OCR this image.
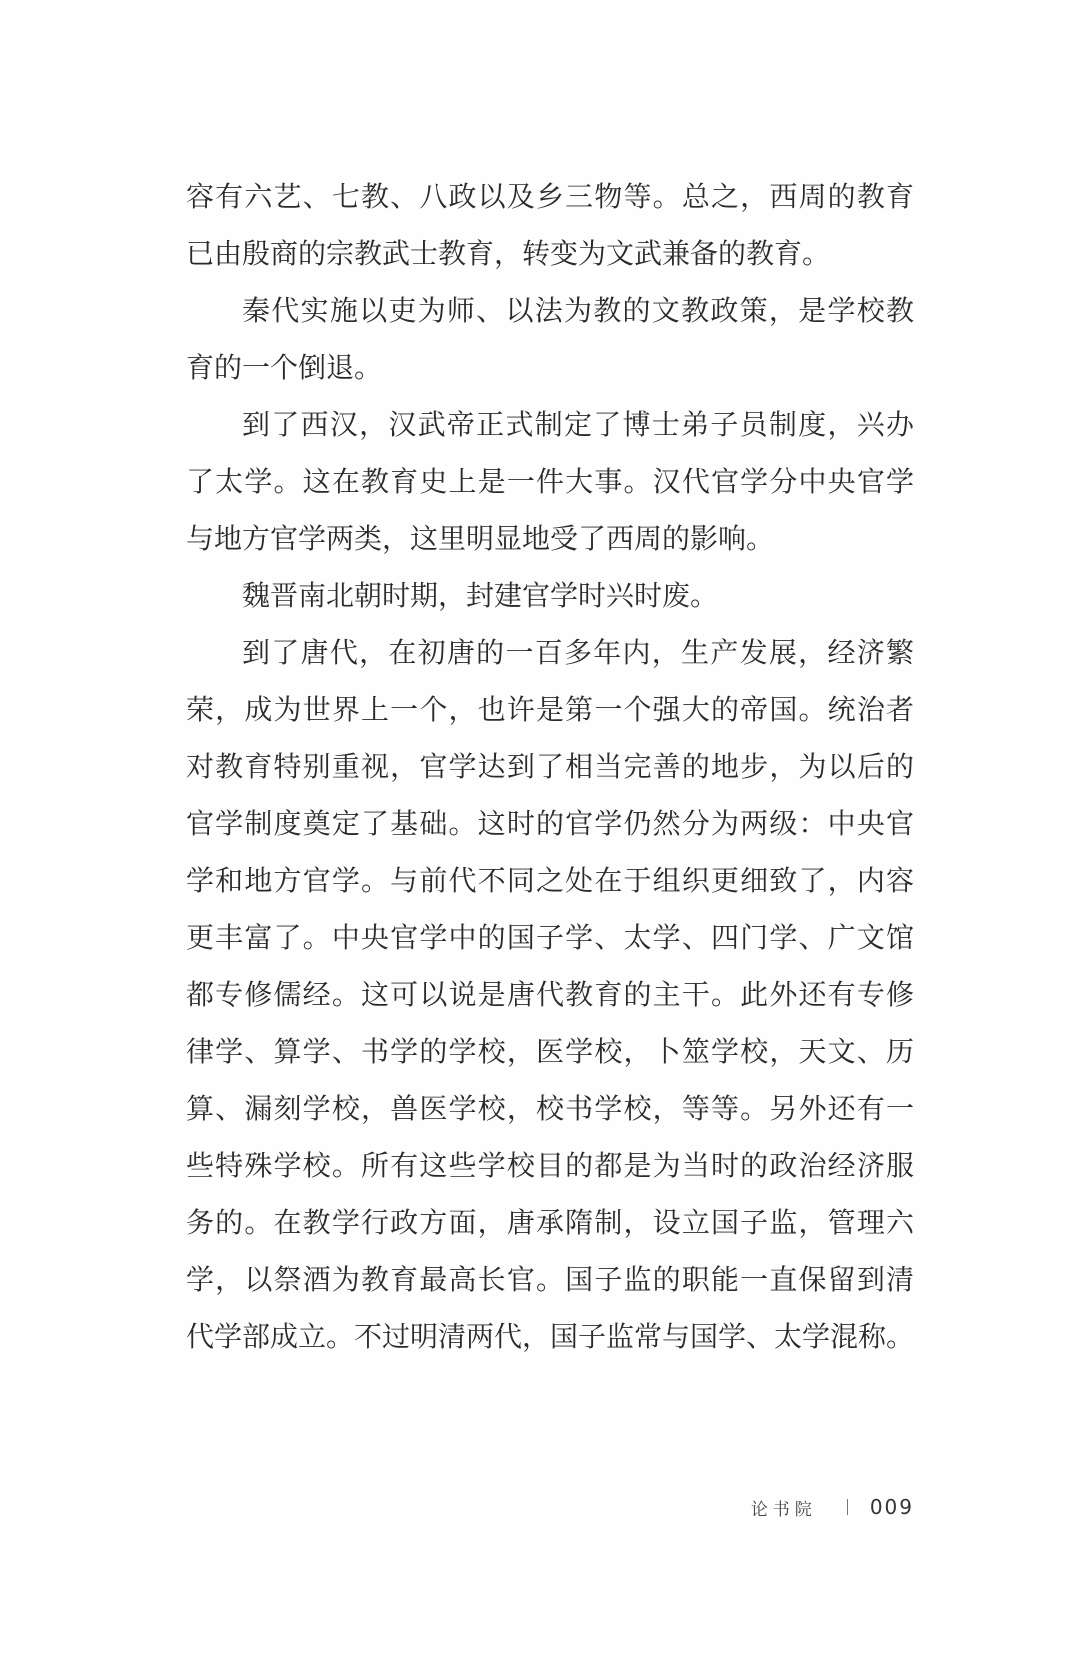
容有六艺、七教、八政以及乡三物等。总之，西周的教育
已由殷商的宗教武士教育，转变为文武兼备的教育。
秦代实施以吏为师、以法为教的文教政策，是学校教
育的一个倒退。
到了西汉，汉武帝正式制定了博士弟子员制度，兴办
了太学。这在教育史上是一件大事。汉代官学分中央官学
与地方官学两类，这里明显地受了西周的影响。
魏晋南北朝时期，封建官学时兴时废。
到了唐代，在初唐的一百多年内，生产发展，经济繁
荣，成为世界上一个，也许是第一个强大的帝国。统治者
对教育特别重视，官学达到了相当完善的地步，为以后的
官学制度奠定了基础。这时的官学仍然分为两级：中央官
学和地方官学。与前代不同之处在于组织更细致了，内容
更丰富了。中央官学中的国子学、太学、四门学、广文馆
都专修儒经。这可以说是唐代教育的主干。此外还有专修
律学、算学、书学的学校，医学校，卜筮学校，天文、历
算、漏刻学校，兽医学校，校书学校，等等。另外还有一
些特殊学校。所有这些学校目的都是为当时的政治经济服
务的。在教学行政方面，唐承隋制，设立国子监，管理六
学，以祭酒为教育最高长官。国子监的职能一直保留到清
代学部成立。不过明清两代，国子监常与国学、太学混称。
论书院	009
